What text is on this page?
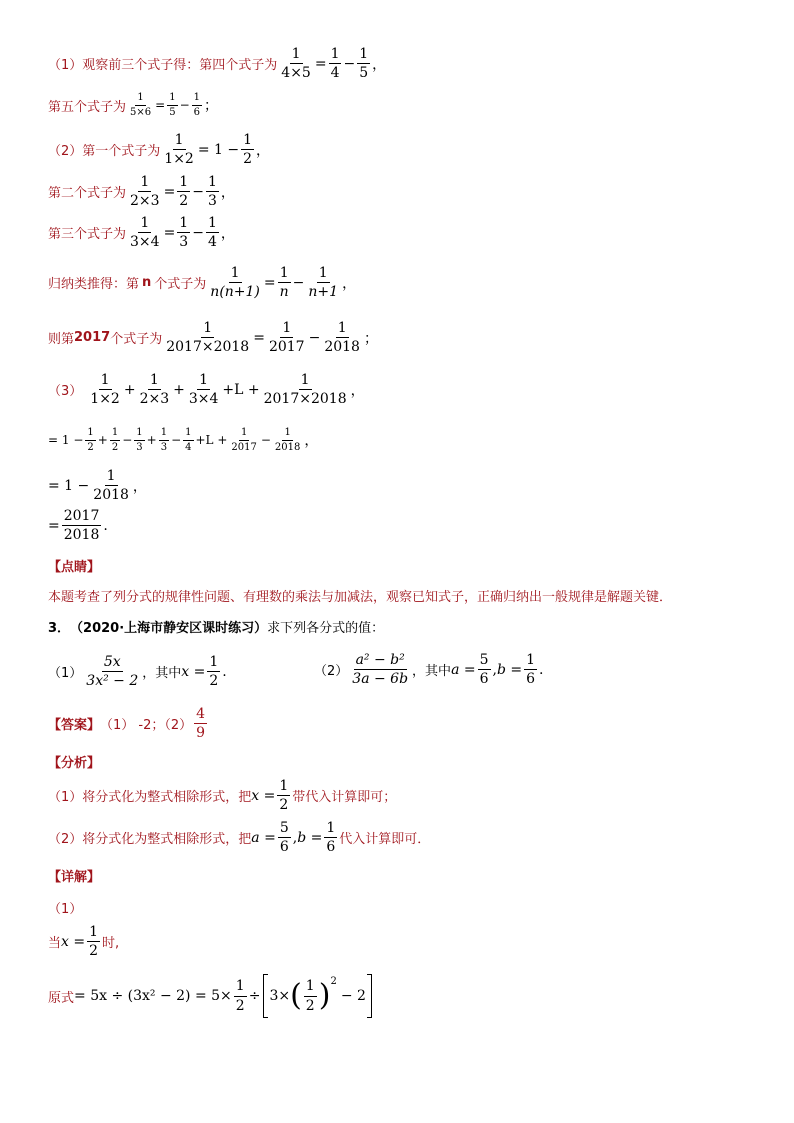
（1）观察前三个式子得：第四个式子为 $\frac{1}{4\times 5} = \frac{1}{4} - \frac{1}{5}$ ，
第五个式子为 $\frac{1}{5\times 6} = \frac{1}{5} - \frac{1}{6}$ ；
（2）第一个式子为 $\frac{1}{1\times 2} = 1 - \frac{1}{2}$ ，
第二个式子为 $\frac{1}{2\times 3} = \frac{1}{2} - \frac{1}{3}$ ，
第三个式子为 $\frac{1}{3\times 4} = \frac{1}{3} - \frac{1}{4}$ ，
归纳类推得：第 n 个式子为 $\frac{1}{n(n+1)} = \frac{1}{n} - \frac{1}{n+1}$ ，
则第 2017 个式子为 $\frac{1}{2017\times 2018} = \frac{1}{2017} - \frac{1}{2018}$ ；
$(3) \frac{1}{1\times 2} + \frac{1}{2\times 3} + \frac{1}{3\times 4} +L + \frac{1}{2017\times 2018}$ ，
= $1 - \frac{1}{2} + \frac{1}{2} - \frac{1}{3} + \frac{1}{3} - \frac{1}{4} +L + \frac{1}{2017} - \frac{1}{2018}$ ，
= $1 - \frac{1}{2018}$ ，
= $\frac{2017}{2018}$ .
【点睛】
本题考查了列分式的规律性问题、有理数的乘法与加减法，观察已知式子，正确归纳出一般规律是解题关键．
3． （2020·上海市静安区课时练习） 求下列各分式的值：
$(1) \frac{5x}{\text{3x² − 2}}$ ，其中 $x = \frac{1}{2}$ .	$(2) \frac{\text{a² − b²}}{3a - 6b}$ ，其中 $a = \frac{5}{6}$ , $b = \frac{1}{6}$ .
【答案】 （1） -2；$(2) \frac{4}{9}$
【分析】
（1）将分式化为整式相除形式，把 $x = \frac{1}{2}$ 带代入计算即可；
（2）将分式化为整式相除形式，把 $a = \frac{5}{6}$ , $b = \frac{1}{6}$ 代入计算即可．
【详解】
（1）
当 $x = \frac{1}{2}$ 时,
原式 = $5x \div (3x^2 - 2) = 5\times \frac{1}{2} \div 3\times$ ( $\frac{1}{2} )^2$
− 2
